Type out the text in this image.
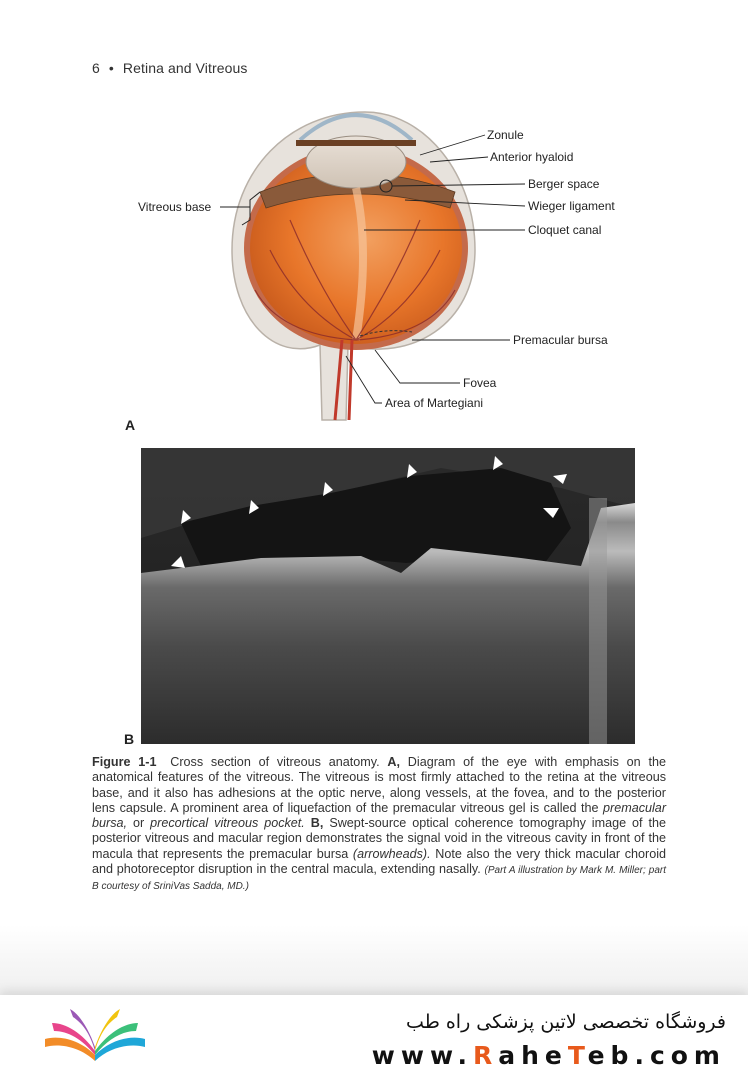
6 • Retina and Vitreous
Zonule
Anterior hyaloid
Berger space
Wieger ligament
Cloquet canal
Vitreous base
Premacular bursa
Fovea
Area of Martegiani
A
B
Figure 1-1 Cross section of vitreous anatomy. A, Diagram of the eye with emphasis on the anatomical features of the vitreous. The vitreous is most firmly attached to the retina at the vitreous base, and it also has adhesions at the optic nerve, along vessels, at the fovea, and to the posterior lens capsule. A prominent area of liquefaction of the premacular vitreous gel is called the premacular bursa, or precortical vitreous pocket. B, Swept-source optical coherence tomography image of the posterior vitreous and macular region demonstrates the signal void in the vitreous cavity in front of the macula that represents the premacular bursa (arrowheads). Note also the very thick macular choroid and photoreceptor disruption in the central macula, extending nasally. (Part A illustration by Mark M. Miller; part B courtesy of SriniVas Sadda, MD.)
فروشگاه تخصصی لاتین پزشکی راه طب
www.RaheTeb.com
